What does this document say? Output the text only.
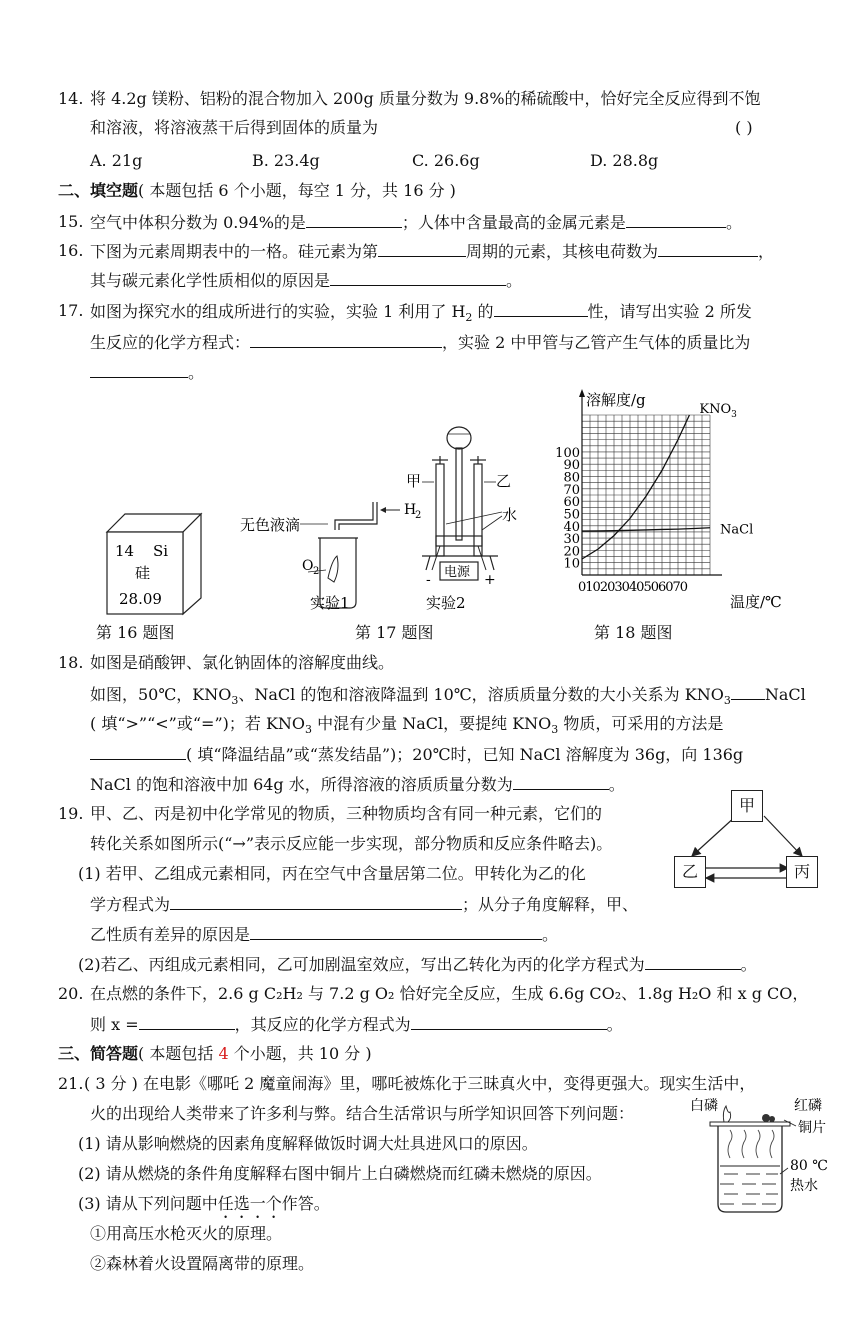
14. 将 4.2g 镁粉、铝粉的混合物加入 200g 质量分数为 9.8%的稀硫酸中，恰好完全反应得到不饱
和溶液，将溶液蒸干后得到固体的质量为	( )
A. 21g	B. 23.4g	C. 26.6g	D. 28.8g
二、填空题( 本题包括 6 个小题，每空 1 分，共 16 分 )
15. 空气中体积分数为 0.94%的是	；人体中含量最高的金属元素是	。
16. 下图为元素周期表中的一格。硅元素为第	周期的元素，其核电荷数为	，
其与碳元素化学性质相似的原因是	。
17. 如图为探究水的组成所进行的实验，实验 1 利用了 $H_2$ 的	性，请写出实验 2 所发
生反应的化学方程式：	，实验 2 中甲管与乙管产生气体的质量比为
。
14 Si
硅
28.09
第 16 题图
无色液滴
O 2
H
2
实验1
甲	乙
水
电源
-	+
实验2
第 17 题图
$KNO_3$
NaCl
10
20
30
40
50
60
70
80
90
100
010203040506070
溶解度/g
温度/℃
第 18 题图
18. 如图是硝酸钾、氯化钠固体的溶解度曲线。
如图，50℃，$KNO_3$、NaCl 的饱和溶液降温到 10℃，溶质质量分数的大小关系为 $KNO_3$ NaCl
( 填“>”“<”或“=”)；若 $KNO_3$ 中混有少量 NaCl，要提纯 $KNO_3$ 物质，可采用的方法是
( 填“降温结晶”或“蒸发结晶”)；20℃时，已知 NaCl 溶解度为 36g，向 136g
NaCl 的饱和溶液中加 64g 水，所得溶液的溶质质量分数为	。
19. 甲、乙、丙是初中化学常见的物质，三种物质均含有同一种元素，它们的
转化关系如图所示(“→”表示反应能一步实现，部分物质和反应条件略去)。
(1) 若甲、乙组成元素相同，丙在空气中含量居第二位。甲转化为乙的化
学方程式为	；从分子角度解释，甲、
乙性质有差异的原因是	。
(2)若乙、丙组成元素相同，乙可加剧温室效应，写出乙转化为丙的化学方程式为	。
甲
乙	丙
20. 在点燃的条件下，2.6 g C₂H₂ 与 7.2 g O₂ 恰好完全反应，生成 6.6g CO₂、1.8g H₂O 和 x g CO，
则 x =	，其反应的化学方程式为	。
三、简答题( 本题包括 4 个小题，共 10 分 )
21. ( 3 分 ) 在电影《哪吒 2 魔童闹海》里，哪吒被炼化于三昧真火中，变得更强大。现实生活中，
火的出现给人类带来了许多利与弊。结合生活常识与所学知识回答下列问题：
(1) 请从影响燃烧的因素角度解释做饭时调大灶具进风口的原因。
(2) 请从燃烧的条件角度解释右图中铜片上白磷燃烧而红磷未燃烧的原因。
(3) 请从下列问题中任选一个作答。
①用高压水枪灭火的原理。
②森林着火设置隔离带的原理。
白磷	红磷
铜片
80 ℃
热水
